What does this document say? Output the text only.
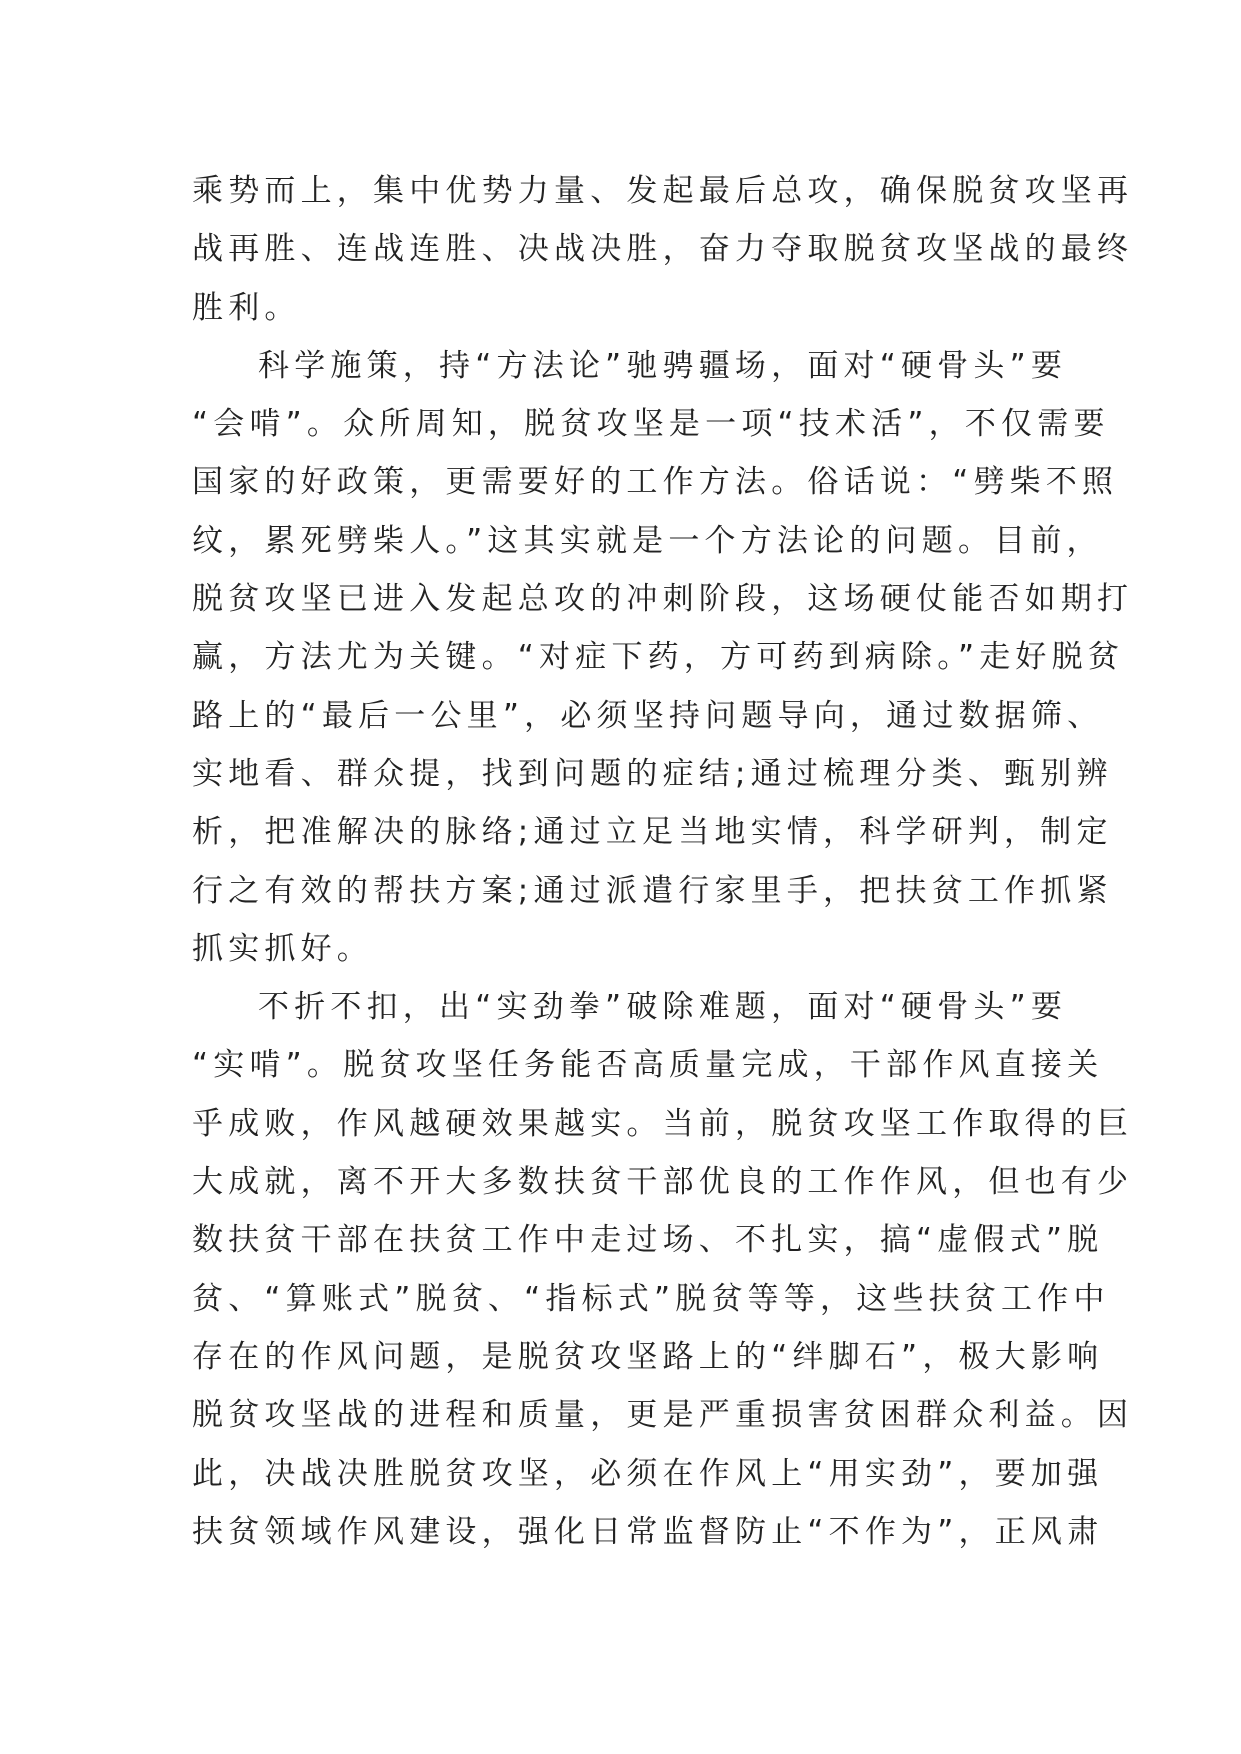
乘势而上，集中优势力量、发起最后总攻，确保脱贫攻坚再
战再胜、连战连胜、决战决胜，奋力夺取脱贫攻坚战的最终
胜利。
科学施策，持“方法论”驰骋疆场，面对“硬骨头”要
“会啃”。众所周知，脱贫攻坚是一项“技术活”，不仅需要
国家的好政策，更需要好的工作方法。俗话说：“劈柴不照
纹，累死劈柴人。”这其实就是一个方法论的问题。目前，
脱贫攻坚已进入发起总攻的冲刺阶段，这场硬仗能否如期打
赢，方法尤为关键。“对症下药，方可药到病除。”走好脱贫
路上的“最后一公里”，必须坚持问题导向，通过数据筛、
实地看、群众提，找到问题的症结;通过梳理分类、甄别辨
析，把准解决的脉络;通过立足当地实情，科学研判，制定
行之有效的帮扶方案;通过派遣行家里手，把扶贫工作抓紧
抓实抓好。
不折不扣，出“实劲拳”破除难题，面对“硬骨头”要
“实啃”。脱贫攻坚任务能否高质量完成，干部作风直接关
乎成败，作风越硬效果越实。当前，脱贫攻坚工作取得的巨
大成就，离不开大多数扶贫干部优良的工作作风，但也有少
数扶贫干部在扶贫工作中走过场、不扎实，搞“虚假式”脱
贫、“算账式”脱贫、“指标式”脱贫等等，这些扶贫工作中
存在的作风问题，是脱贫攻坚路上的“绊脚石”，极大影响
脱贫攻坚战的进程和质量，更是严重损害贫困群众利益。因
此，决战决胜脱贫攻坚，必须在作风上“用实劲”，要加强
扶贫领域作风建设，强化日常监督防止“不作为”，正风肃
